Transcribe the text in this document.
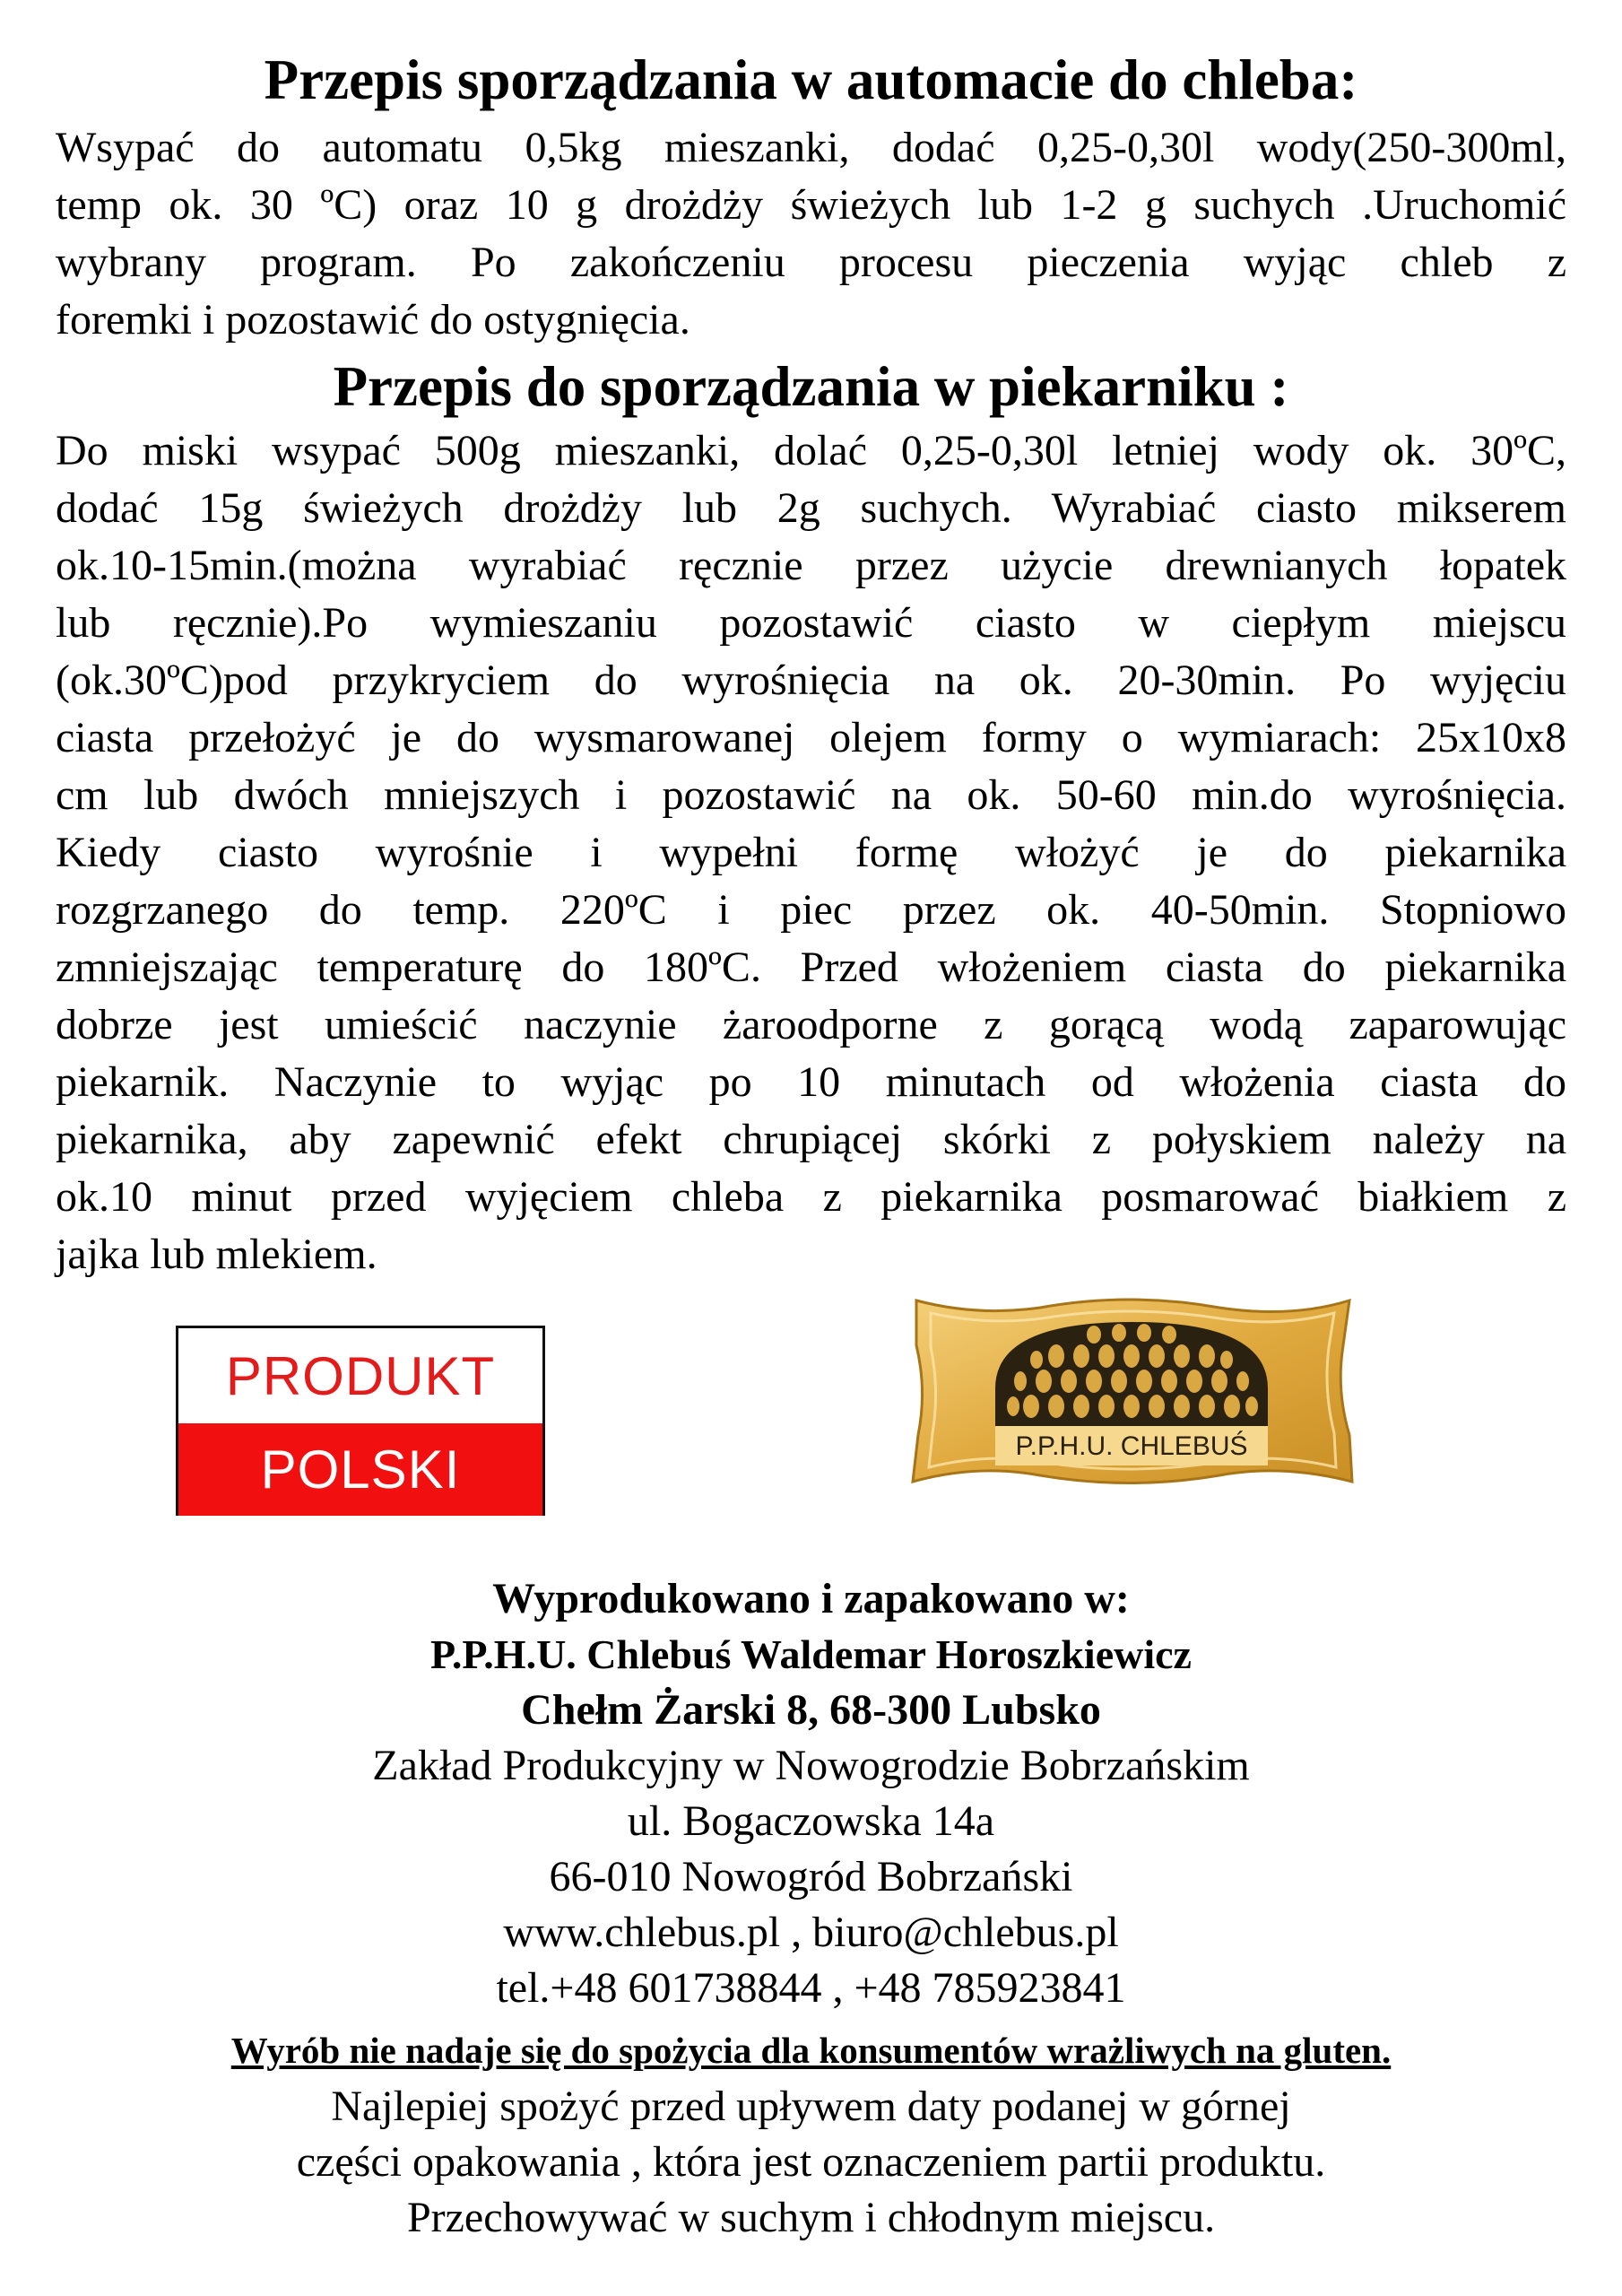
Przepis sporządzania w automacie do chleba:
Wsypać do automatu 0,5kg mieszanki, dodać 0,25-0,30l wody(250-300ml,
temp ok. 30 ºC) oraz 10 g drożdży świeżych lub 1-2 g suchych .Uruchomić
wybrany program. Po zakończeniu procesu pieczenia wyjąc chleb z
foremki i pozostawić do ostygnięcia.
Przepis do sporządzania w piekarniku :
Do miski wsypać 500g mieszanki, dolać 0,25-0,30l letniej wody ok. 30ºC,
dodać 15g świeżych drożdży lub 2g suchych. Wyrabiać ciasto mikserem
ok.10-15min.(można wyrabiać ręcznie przez użycie drewnianych łopatek
lub ręcznie).Po wymieszaniu pozostawić ciasto w ciepłym miejscu
(ok.30ºC)pod przykryciem do wyrośnięcia na ok. 20-30min. Po wyjęciu
ciasta przełożyć je do wysmarowanej olejem formy o wymiarach: 25x10x8
cm lub dwóch mniejszych i pozostawić na ok. 50-60 min.do wyrośnięcia.
Kiedy ciasto wyrośnie i wypełni formę włożyć je do piekarnika
rozgrzanego do temp. 220ºC i piec przez ok. 40-50min. Stopniowo
zmniejszając temperaturę do 180ºC. Przed włożeniem ciasta do piekarnika
dobrze jest umieścić naczynie żaroodporne z gorącą wodą zaparowując
piekarnik. Naczynie to wyjąc po 10 minutach od włożenia ciasta do
piekarnika, aby zapewnić efekt chrupiącej skórki z połyskiem należy na
ok.10 minut przed wyjęciem chleba z piekarnika posmarować białkiem z
jajka lub mlekiem.
PRODUKT
POLSKI	P.P.H.U. CHLEBUŚ
Wyprodukowano i zapakowano w:
P.P.H.U. Chlebuś Waldemar Horoszkiewicz
Chełm Żarski 8, 68-300 Lubsko
Zakład Produkcyjny w Nowogrodzie Bobrzańskim
ul. Bogaczowska 14a
66-010 Nowogród Bobrzański
www.chlebus.pl , biuro@chlebus.pl
tel.+48 601738844 , +48 785923841
Wyrób nie nadaje się do spożycia dla konsumentów wrażliwych na gluten.
Najlepiej spożyć przed upływem daty podanej w górnej
części opakowania , która jest oznaczeniem partii produktu.
Przechowywać w suchym i chłodnym miejscu.
